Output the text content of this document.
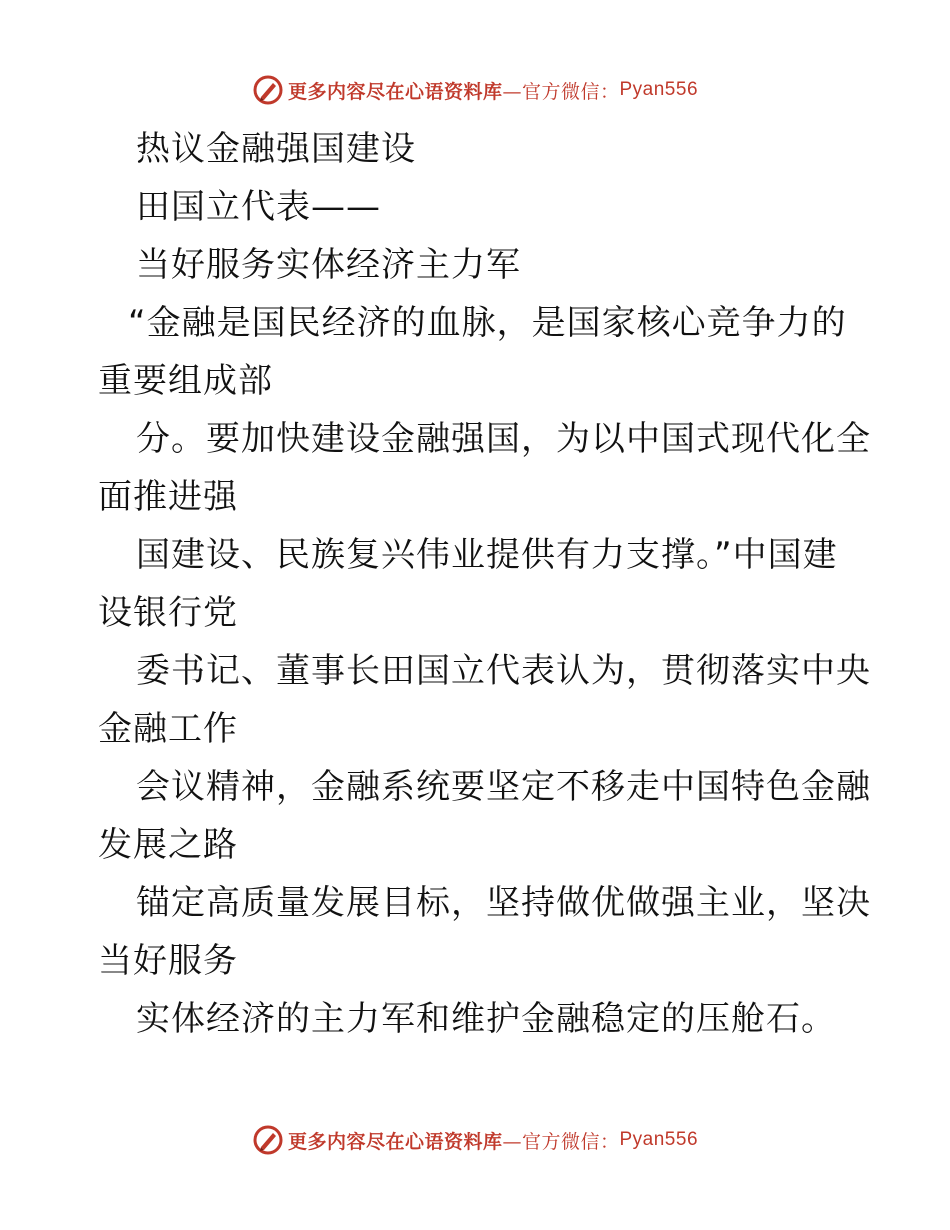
更多内容尽在心语资料库 —官方微信： Pyan556
热议金融强国建设
田国立代表——
当好服务实体经济主力军
“金融是国民经济的血脉，是国家核心竞争力的
重要组成部
分。要加快建设金融强国，为以中国式现代化全
面推进强
国建设、民族复兴伟业提供有力支撑。”中国建
设银行党
委书记、董事长田国立代表认为，贯彻落实中央
金融工作
会议精神，金融系统要坚定不移走中国特色金融
发展之路
锚定高质量发展目标，坚持做优做强主业，坚决
当好服务
实体经济的主力军和维护金融稳定的压舱石。
更多内容尽在心语资料库 —官方微信： Pyan556
